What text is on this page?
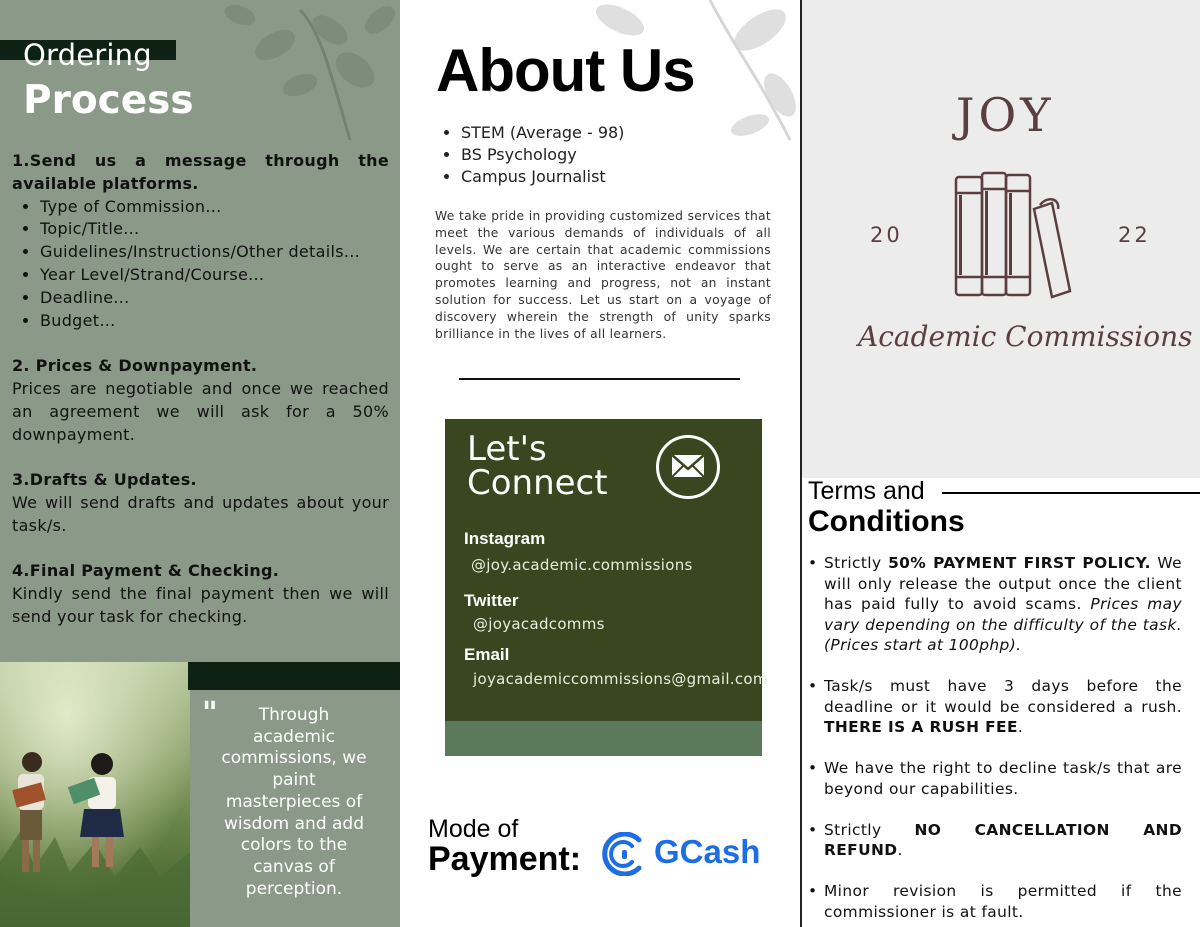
Ordering
Process
1.Send us a message through the available platforms.
• Type of Commission...
• Topic/Title...
• Guidelines/Instructions/Other details...
• Year Level/Strand/Course...
• Deadline...
• Budget...
2. Prices & Downpayment.
Prices are negotiable and once we reached an agreement we will ask for a 50% downpayment.
3.Drafts & Updates.
We will send drafts and updates about your task/s.
4.Final Payment & Checking.
Kindly send the final payment then we will send your task for checking.
"	Through academic commissions, we paint masterpieces of wisdom and add colors to the canvas of perception.
About Us
• STEM (Average - 98)
• BS Psychology
• Campus Journalist
We take pride in providing customized services that meet the various demands of individuals of all levels. We are certain that academic commissions ought to serve as an interactive endeavor that promotes learning and progress, not an instant solution for success. Let us start on a voyage of discovery wherein the strength of unity sparks brilliance in the lives of all learners.
Let's
Connect
Instagram
@joy.academic.commissions
Twitter
@joyacadcomms
Email
joyacademiccommissions@gmail.com
Mode of
Payment: GCash
JOY
20	22
Academic Commissions
Terms and
Conditions
• Strictly 50% PAYMENT FIRST POLICY. We will only release the output once the client has paid fully to avoid scams. Prices may vary depending on the difficulty of the task. (Prices start at 100php).
• Task/s must have 3 days before the deadline or it would be considered a rush. THERE IS A RUSH FEE.
• We have the right to decline task/s that are beyond our capabilities.
• Strictly NO CANCELLATION AND REFUND.
• Minor revision is permitted if the commissioner is at fault.
